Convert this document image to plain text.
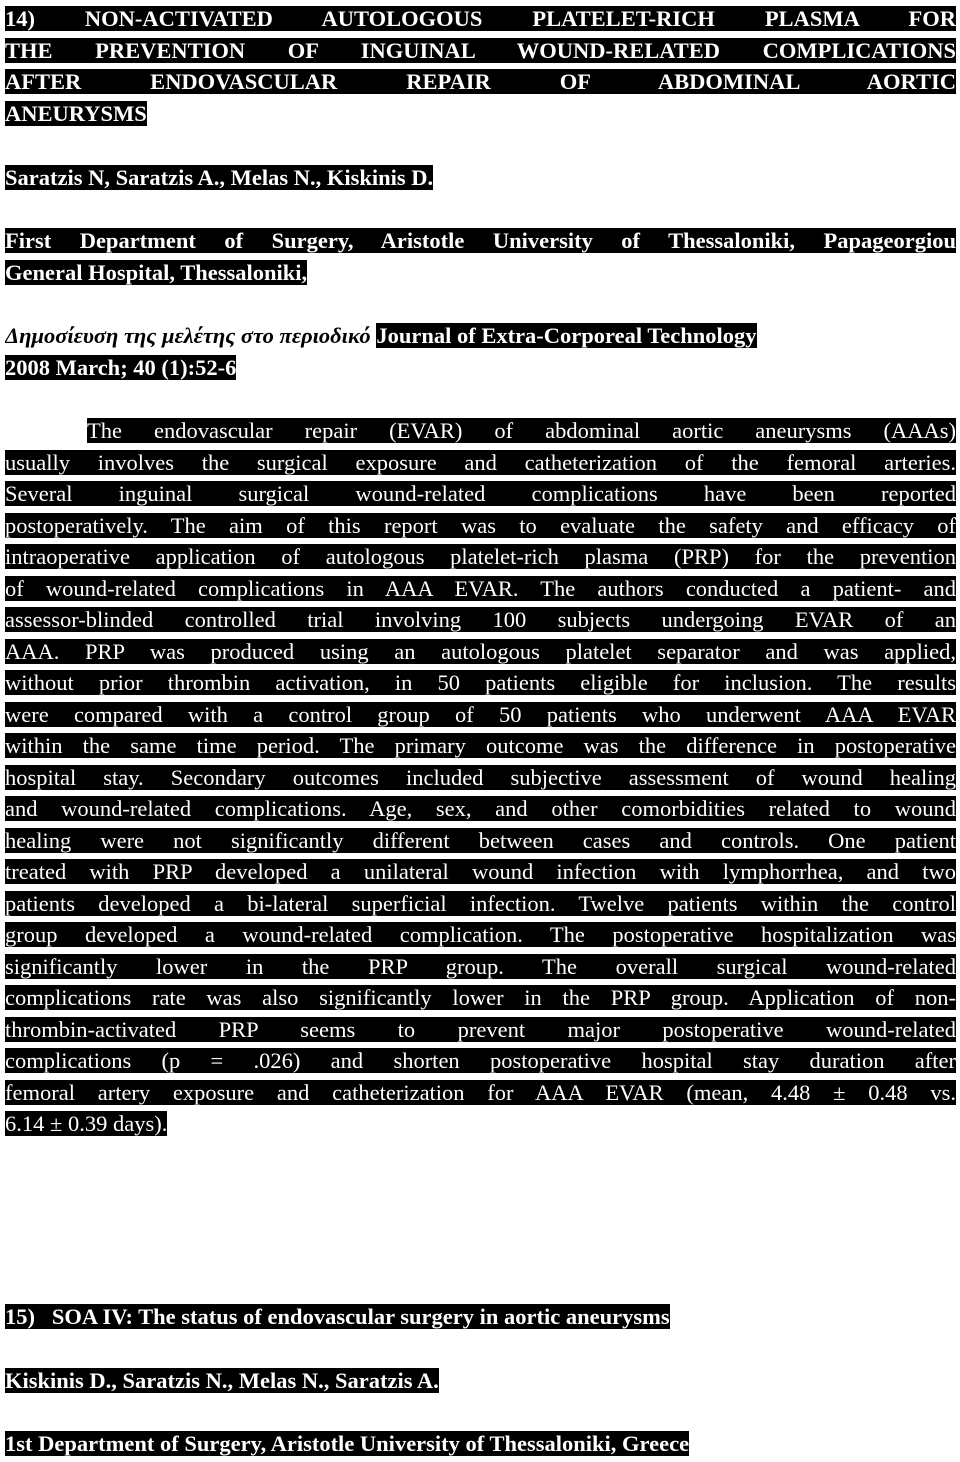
14) NON-ACTIVATED AUTOLOGOUS PLATELET-RICH PLASMA FOR
THE PREVENTION OF INGUINAL WOUND-RELATED COMPLICATIONS
AFTER ENDOVASCULAR REPAIR OF ABDOMINAL AORTIC
ANEURYSMS
Saratzis N, Saratzis A., Melas N., Kiskinis D.
First Department of Surgery, Aristotle University of Thessaloniki, Papageorgiou
General Hospital, Thessaloniki,
Δημοσίευση της μελέτης στο περιοδικό Journal of Extra-Corporeal Technology
2008 March; 40 (1):52-6
The endovascular repair (EVAR) of abdominal aortic aneurysms (AAAs)
usually involves the surgical exposure and catheterization of the femoral arteries.
Several inguinal surgical wound-related complications have been reported
postoperatively. The aim of this report was to evaluate the safety and efficacy of
intraoperative application of autologous platelet-rich plasma (PRP) for the prevention
of wound-related complications in AAA EVAR. The authors conducted a patient- and
assessor-blinded controlled trial involving 100 subjects undergoing EVAR of an
AAA. PRP was produced using an autologous platelet separator and was applied,
without prior thrombin activation, in 50 patients eligible for inclusion. The results
were compared with a control group of 50 patients who underwent AAA EVAR
within the same time period. The primary outcome was the difference in postoperative
hospital stay. Secondary outcomes included subjective assessment of wound healing
and wound-related complications. Age, sex, and other comorbidities related to wound
healing were not significantly different between cases and controls. One patient
treated with PRP developed a unilateral wound infection with lymphorrhea, and two
patients developed a bi-lateral superficial infection. Twelve patients within the control
group developed a wound-related complication. The postoperative hospitalization was
significantly lower in the PRP group. The overall surgical wound-related
complications rate was also significantly lower in the PRP group. Application of non-
thrombin-activated PRP seems to prevent major postoperative wound-related
complications (p = .026) and shorten postoperative hospital stay duration after
femoral artery exposure and catheterization for AAA EVAR (mean, 4.48 ± 0.48 vs.
6.14 ± 0.39 days).
15)   SOA IV: The status of endovascular surgery in aortic aneurysms
Kiskinis D., Saratzis N., Melas N., Saratzis A.
1st Department of Surgery, Aristotle University of Thessaloniki, Greece
